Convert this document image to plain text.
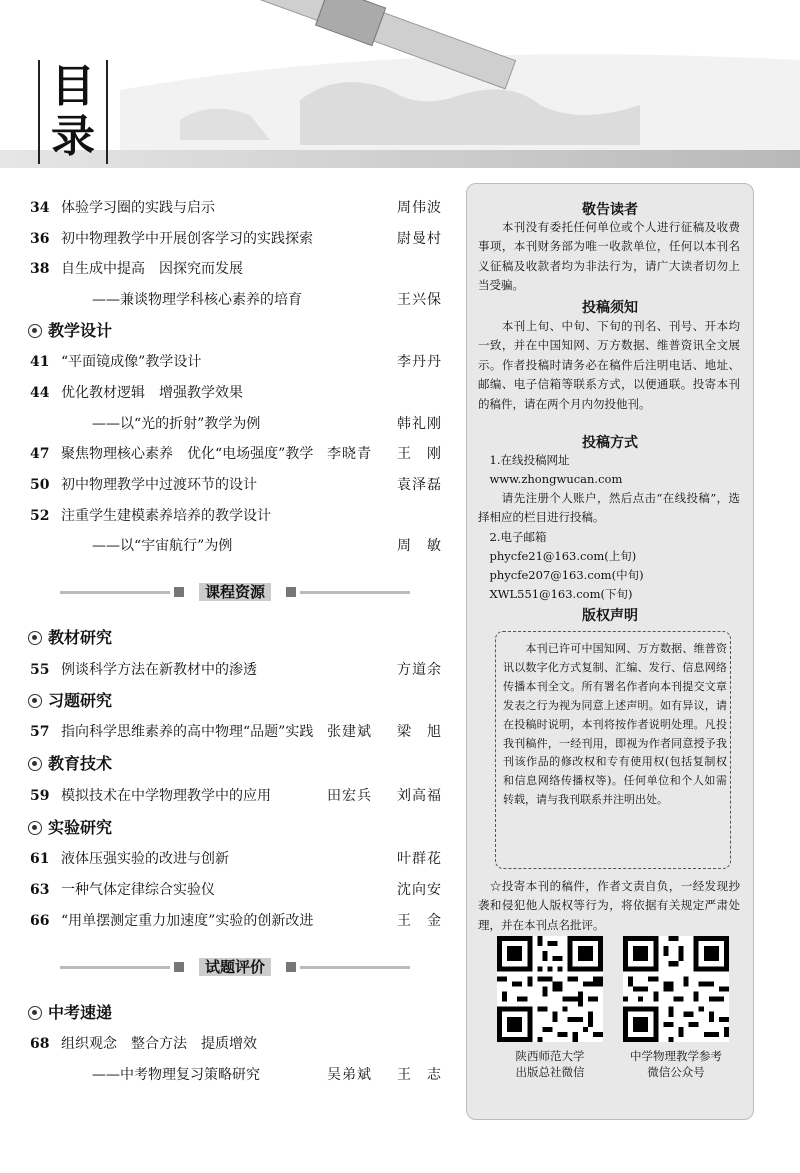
目
录
34 体验学习圈的实践与启示	周伟波
36 初中物理教学中开展创客学习的实践探索	尉曼村
38 自生成中提高　因探究而发展
——兼谈物理学科核心素养的培育	王兴保
教学设计
41 “平面镜成像”教学设计	李丹丹
44 优化教材逻辑　增强教学效果
——以“光的折射”教学为例	韩礼刚
47 聚焦物理核心素养　优化“电场强度”教学 李晓青 王　刚
50 初中物理教学中过渡环节的设计	袁泽磊
52 注重学生建模素养培养的教学设计
——以“宇宙航行”为例	周　敏
课程资源
教材研究
55 例谈科学方法在新教材中的渗透	方道余
习题研究
57 指向科学思维素养的高中物理“品题”实践 张建斌 梁　旭
教育技术
59 模拟技术在中学物理教学中的应用	田宏兵 刘高福
实验研究
61 液体压强实验的改进与创新	叶群花
63 一种气体定律综合实验仪	沈向安
66 “用单摆测定重力加速度”实验的创新改进	王　金
试题评价
中考速递
68 组织观念　整合方法　提质增效
——中考物理复习策略研究	吴弟斌 王　志
敬告读者
　　本刊没有委托任何单位或个人进行征稿及收费事项，本刊财务部为唯一收款单位，任何以本刊名义征稿及收款者均为非法行为，请广大读者切勿上当受骗。
投稿须知
　　本刊上旬、中旬、下旬的刊名、刊号、开本均一致，并在中国知网、万方数据、维普资讯全文展示。作者投稿时请务必在稿件后注明电话、地址、邮编、电子信箱等联系方式，以便通联。投寄本刊的稿件，请在两个月内勿投他刊。
投稿方式
　1.在线投稿网址
　www.zhongwucan.com
　　请先注册个人账户，然后点击“在线投稿”，选择相应的栏目进行投稿。
　2.电子邮箱
　phycfe21@163.com(上旬)
　phycfe207@163.com(中旬)
　XWL551@163.com(下旬)
版权声明
　　本刊已许可中国知网、万方数据、维普资讯以数字化方式复制、汇编、发行、信息网络传播本刊全文。所有署名作者向本刊提交文章发表之行为视为同意上述声明。如有异议，请在投稿时说明，本刊将按作者说明处理。凡投我刊稿件，一经刊用，即视为作者同意授予我刊该作品的修改权和专有使用权(包括复制权和信息网络传播权等)。任何单位和个人如需转载，请与我刊联系并注明出处。
　☆投寄本刊的稿件，作者文责自负，一经发现抄袭和侵犯他人版权等行为，将依据有关规定严肃处理，并在本刊点名批评。
陕西师范大学
出版总社微信
中学物理教学参考
微信公众号
